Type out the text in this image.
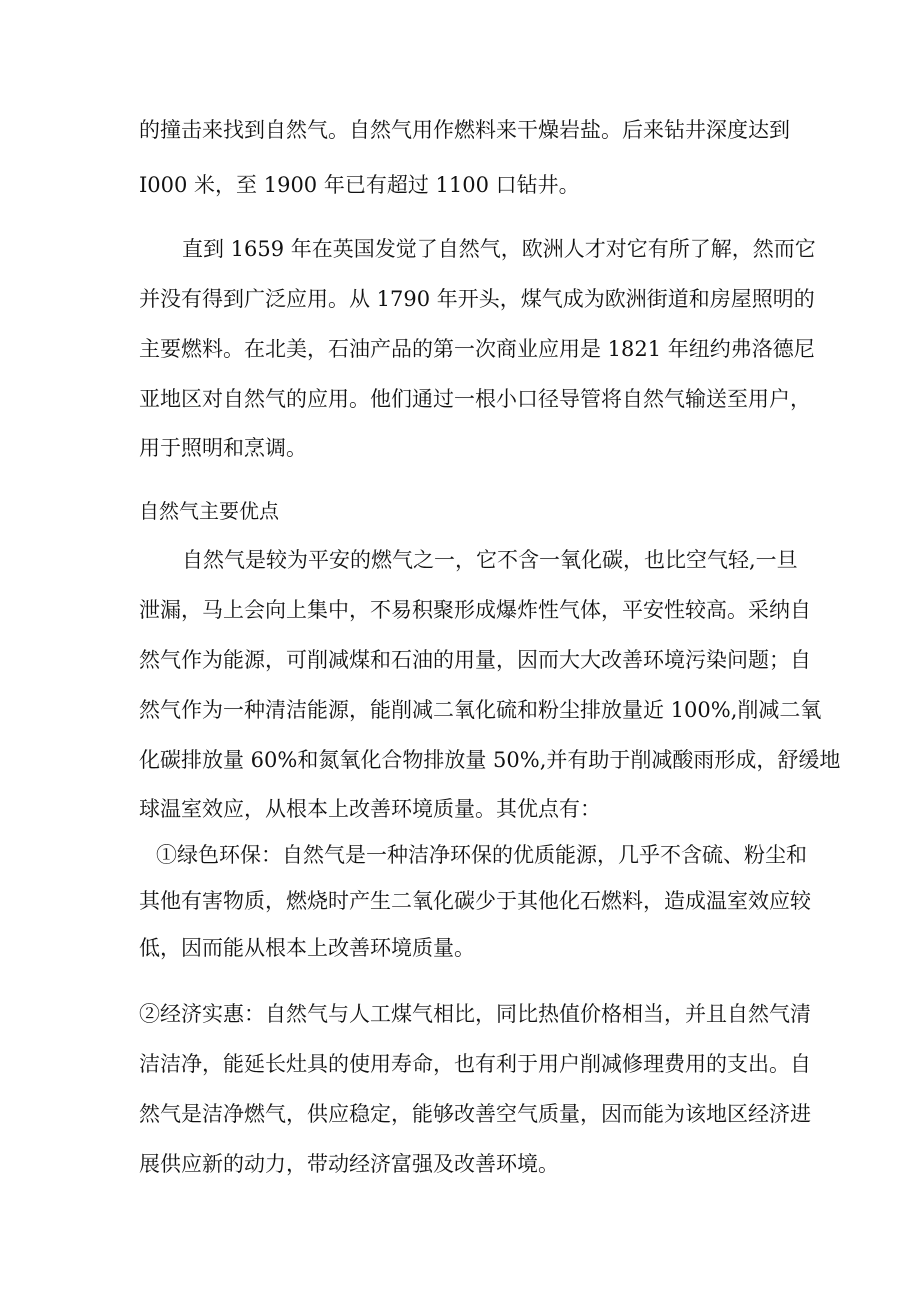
的撞击来找到自然气。自然气用作燃料来干燥岩盐。后来钻井深度达到

I000 米，至 1900 年已有超过 1100 口钻井。

直到 1659 年在英国发觉了自然气，欧洲人才对它有所了解，然而它

并没有得到广泛应用。从 1790 年开头，煤气成为欧洲街道和房屋照明的

主要燃料。在北美，石油产品的第一次商业应用是 1821 年纽约弗洛德尼

亚地区对自然气的应用。他们通过一根小口径导管将自然气输送至用户，

用于照明和烹调。

自然气主要优点

自然气是较为平安的燃气之一，它不含一氧化碳，也比空气轻,一旦

泄漏，马上会向上集中，不易积聚形成爆炸性气体，平安性较高。采纳自

然气作为能源，可削减煤和石油的用量，因而大大改善环境污染问题；自

然气作为一种清洁能源，能削减二氧化硫和粉尘排放量近 100%,削减二氧

化碳排放量 60%和氮氧化合物排放量 50%,并有助于削减酸雨形成，舒缓地

球温室效应，从根本上改善环境质量。其优点有：

①绿色环保：自然气是一种洁净环保的优质能源，几乎不含硫、粉尘和

其他有害物质，燃烧时产生二氧化碳少于其他化石燃料，造成温室效应较

低，因而能从根本上改善环境质量。

②经济实惠：自然气与人工煤气相比，同比热值价格相当，并且自然气清

洁洁净，能延长灶具的使用寿命，也有利于用户削减修理费用的支出。自

然气是洁净燃气，供应稳定，能够改善空气质量，因而能为该地区经济进

展供应新的动力，带动经济富强及改善环境。
